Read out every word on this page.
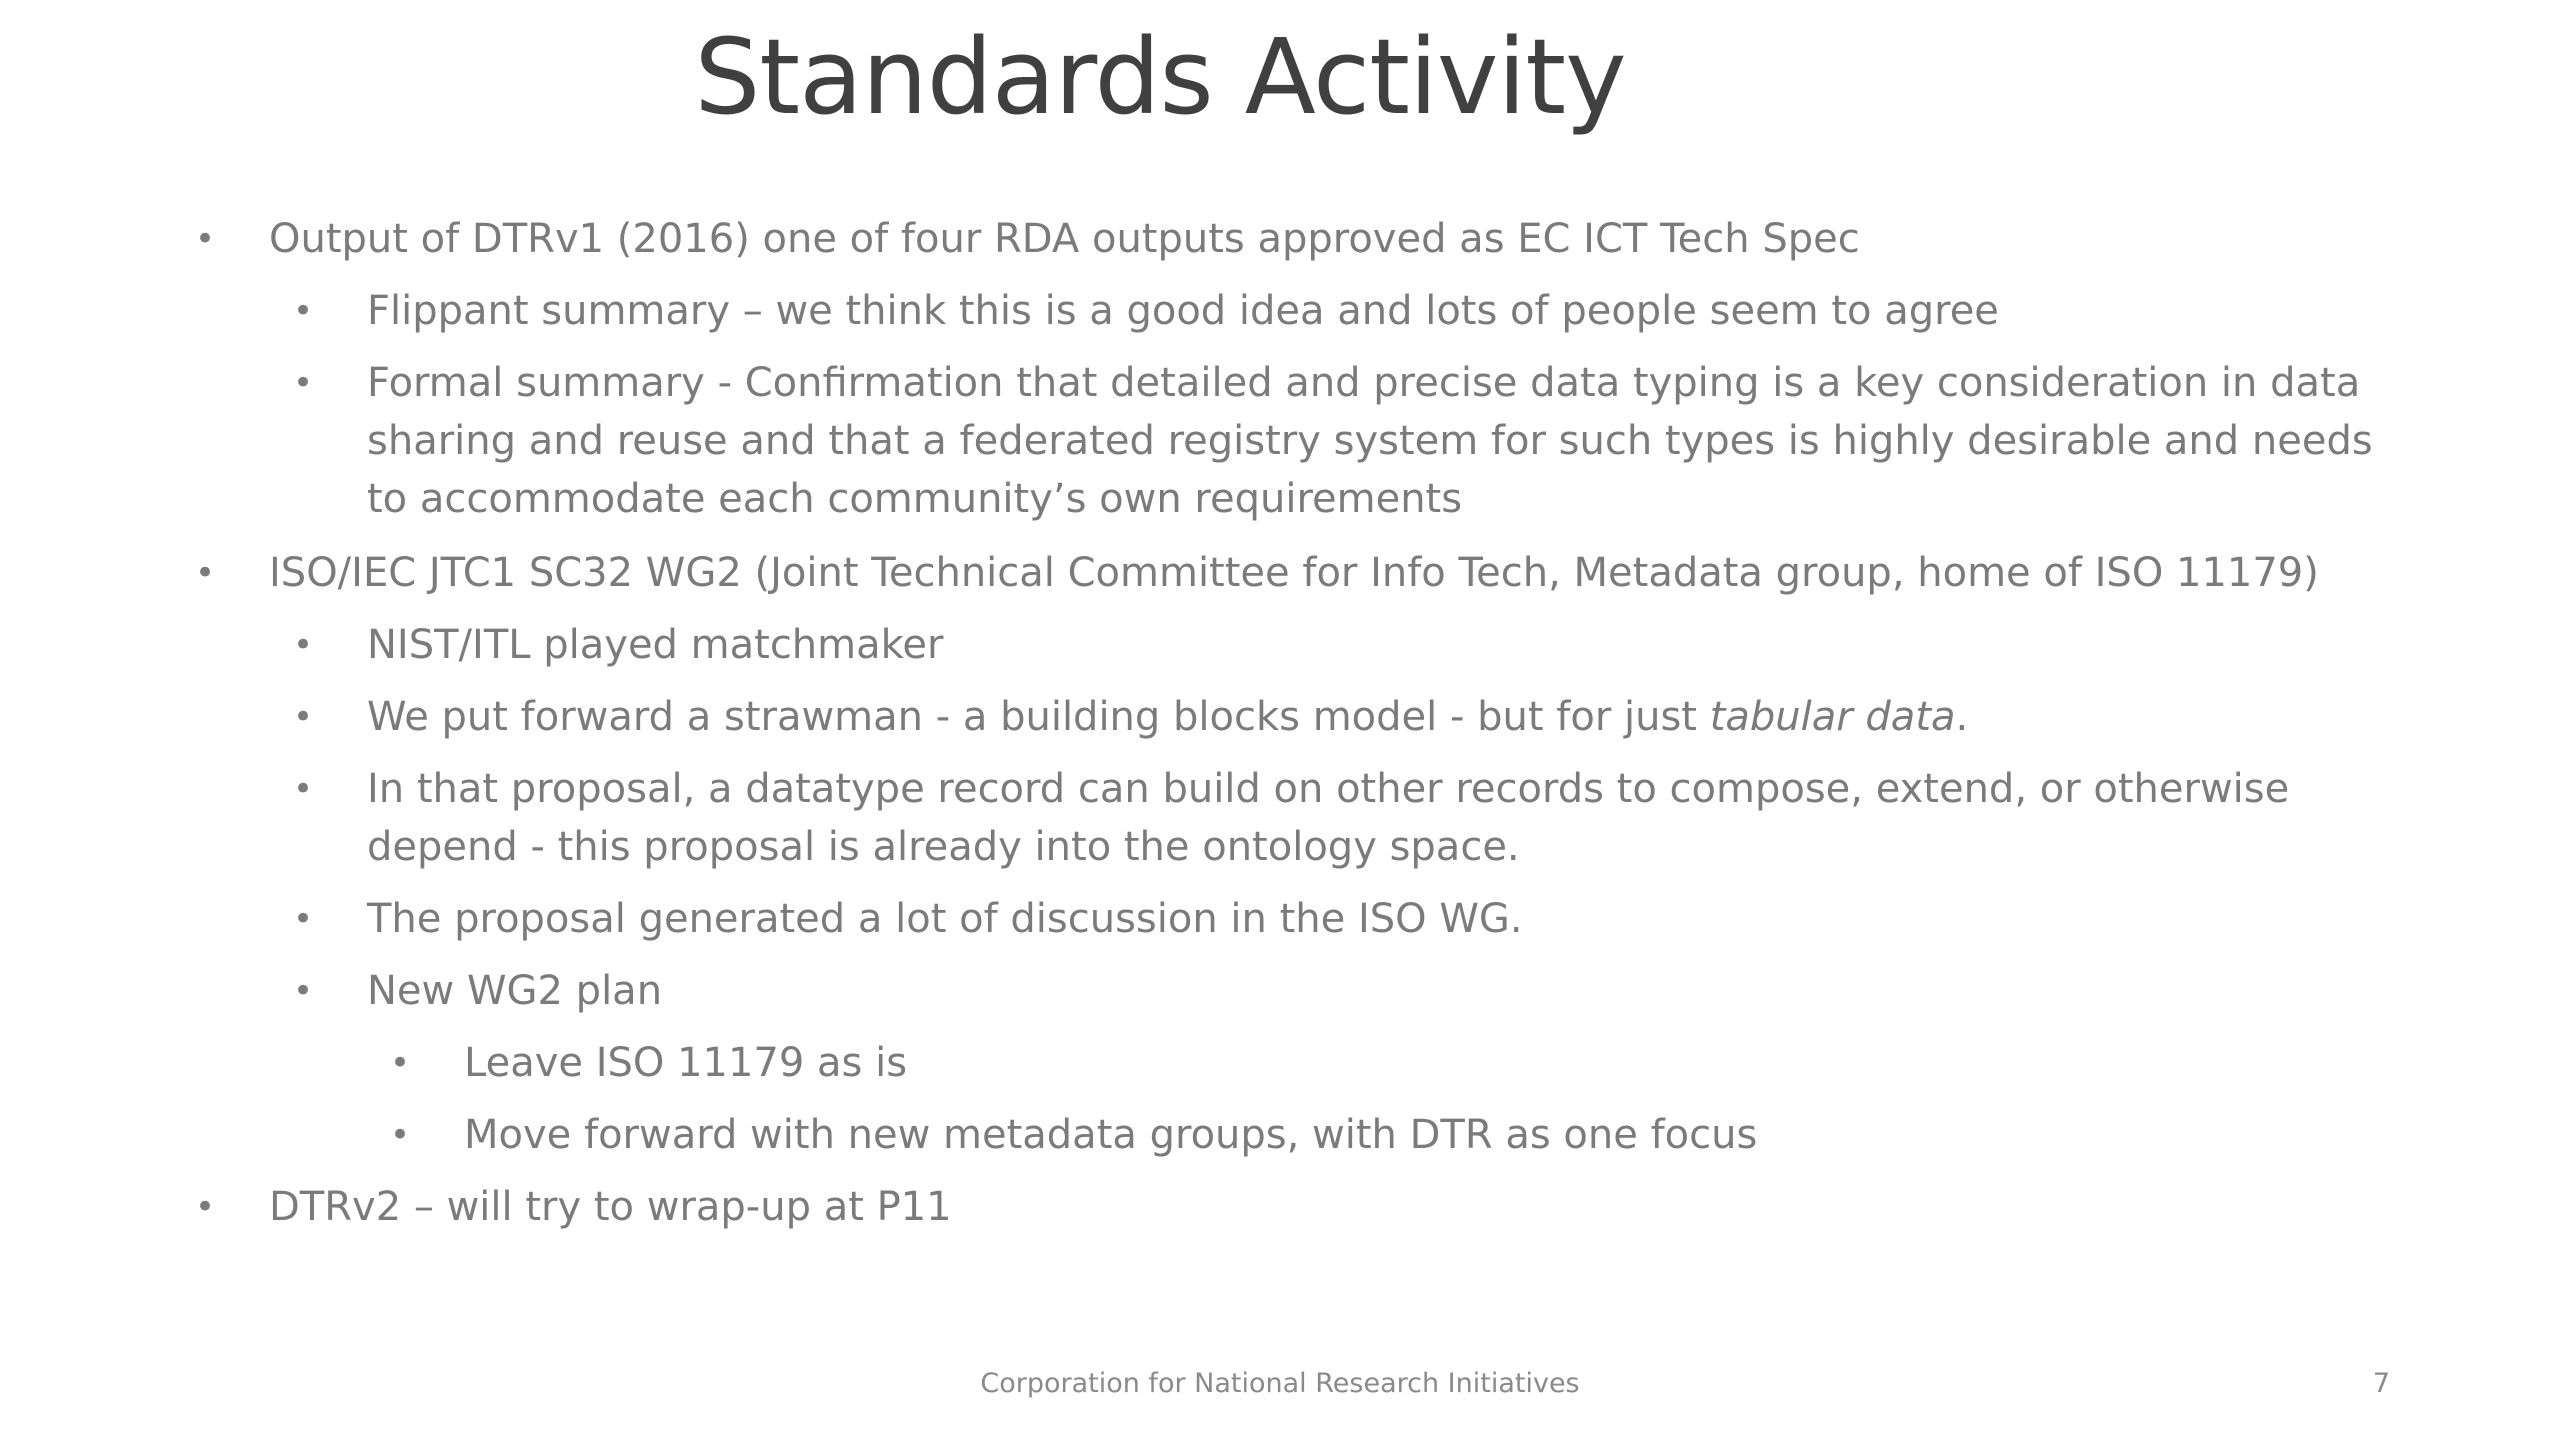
Standards Activity
• Output of DTRv1 (2016) one of four RDA outputs approved as EC ICT Tech Spec
• Flippant summary – we think this is a good idea and lots of people seem to agree
• Formal summary - Confirmation that detailed and precise data typing is a key consideration in data sharing and reuse and that a federated registry system for such types is highly desirable and needs to accommodate each community’s own requirements
• ISO/IEC JTC1 SC32 WG2 (Joint Technical Committee for Info Tech, Metadata group, home of ISO 11179)
• NIST/ITL played matchmaker
• We put forward a strawman - a building blocks model - but for just tabular data.
• In that proposal, a datatype record can build on other records to compose, extend, or otherwise depend - this proposal is already into the ontology space.
• The proposal generated a lot of discussion in the ISO WG.
• New WG2 plan
• Leave ISO 11179 as is
• Move forward with new metadata groups, with DTR as one focus
• DTRv2 – will try to wrap-up at P11
Corporation for National Research Initiatives	7
